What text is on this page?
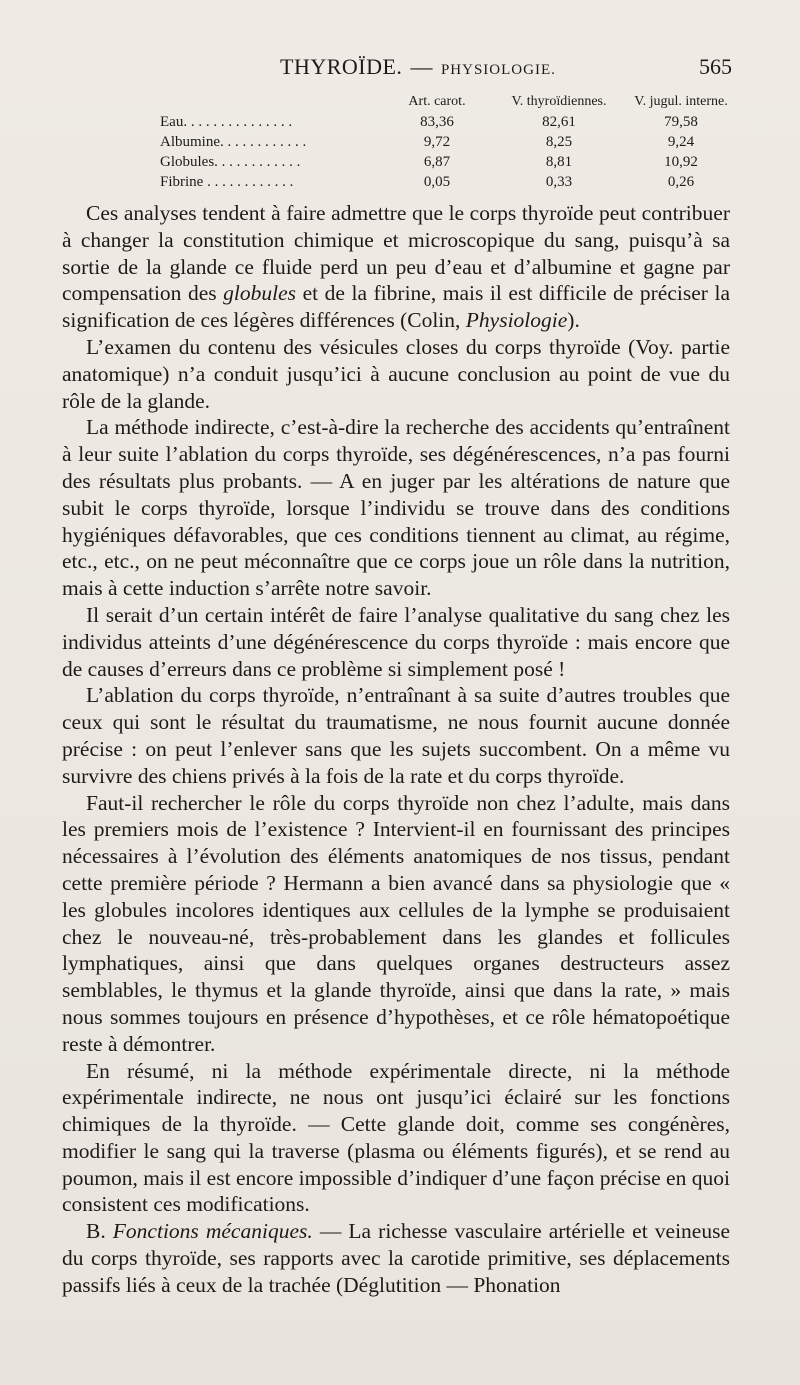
THYROÏDE. — PHYSIOLOGIE.	565
	Art. carot.	V. thyroïdiennes.	V. jugul. interne.
Eau. . . . . . . . . . . . . . .	83,36	82,61	79,58
Albumine. . . . . . . . . . . .	9,72	8,25	9,24
Globules. . . . . . . . . . . .	6,87	8,81	10,92
Fibrine . . . . . . . . . . . .	0,05	0,33	0,26

Ces analyses tendent à faire admettre que le corps thyroïde peut contribuer à changer la constitution chimique et microscopique du sang, puisqu’à sa sortie de la glande ce fluide perd un peu d’eau et d’albumine et gagne par compensation des globules et de la fibrine, mais il est difficile de préciser la signification de ces légères différences (Colin, Physiologie).

L’examen du contenu des vésicules closes du corps thyroïde (Voy. partie anatomique) n’a conduit jusqu’ici à aucune conclusion au point de vue du rôle de la glande.

La méthode indirecte, c’est-à-dire la recherche des accidents qu’entraînent à leur suite l’ablation du corps thyroïde, ses dégénérescences, n’a pas fourni des résultats plus probants. — A en juger par les altérations de nature que subit le corps thyroïde, lorsque l’individu se trouve dans des conditions hygiéniques défavorables, que ces conditions tiennent au climat, au régime, etc., etc., on ne peut méconnaître que ce corps joue un rôle dans la nutrition, mais à cette induction s’arrête notre savoir.

Il serait d’un certain intérêt de faire l’analyse qualitative du sang chez les individus atteints d’une dégénérescence du corps thyroïde : mais encore que de causes d’erreurs dans ce problème si simplement posé !

L’ablation du corps thyroïde, n’entraînant à sa suite d’autres troubles que ceux qui sont le résultat du traumatisme, ne nous fournit aucune donnée précise : on peut l’enlever sans que les sujets succombent. On a même vu survivre des chiens privés à la fois de la rate et du corps thyroïde.

Faut-il rechercher le rôle du corps thyroïde non chez l’adulte, mais dans les premiers mois de l’existence ? Intervient-il en fournissant des principes nécessaires à l’évolution des éléments anatomiques de nos tissus, pendant cette première période ? Hermann a bien avancé dans sa physiologie que « les globules incolores identiques aux cellules de la lymphe se produisaient chez le nouveau-né, très-probablement dans les glandes et follicules lymphatiques, ainsi que dans quelques organes destructeurs assez semblables, le thymus et la glande thyroïde, ainsi que dans la rate, » mais nous sommes toujours en présence d’hypothèses, et ce rôle hématopoétique reste à démontrer.

En résumé, ni la méthode expérimentale directe, ni la méthode expérimentale indirecte, ne nous ont jusqu’ici éclairé sur les fonctions chimiques de la thyroïde. — Cette glande doit, comme ses congénères, modifier le sang qui la traverse (plasma ou éléments figurés), et se rend au poumon, mais il est encore impossible d’indiquer d’une façon précise en quoi consistent ces modifications.

B. Fonctions mécaniques. — La richesse vasculaire artérielle et veineuse du corps thyroïde, ses rapports avec la carotide primitive, ses déplacements passifs liés à ceux de la trachée (Déglutition — Phonation
